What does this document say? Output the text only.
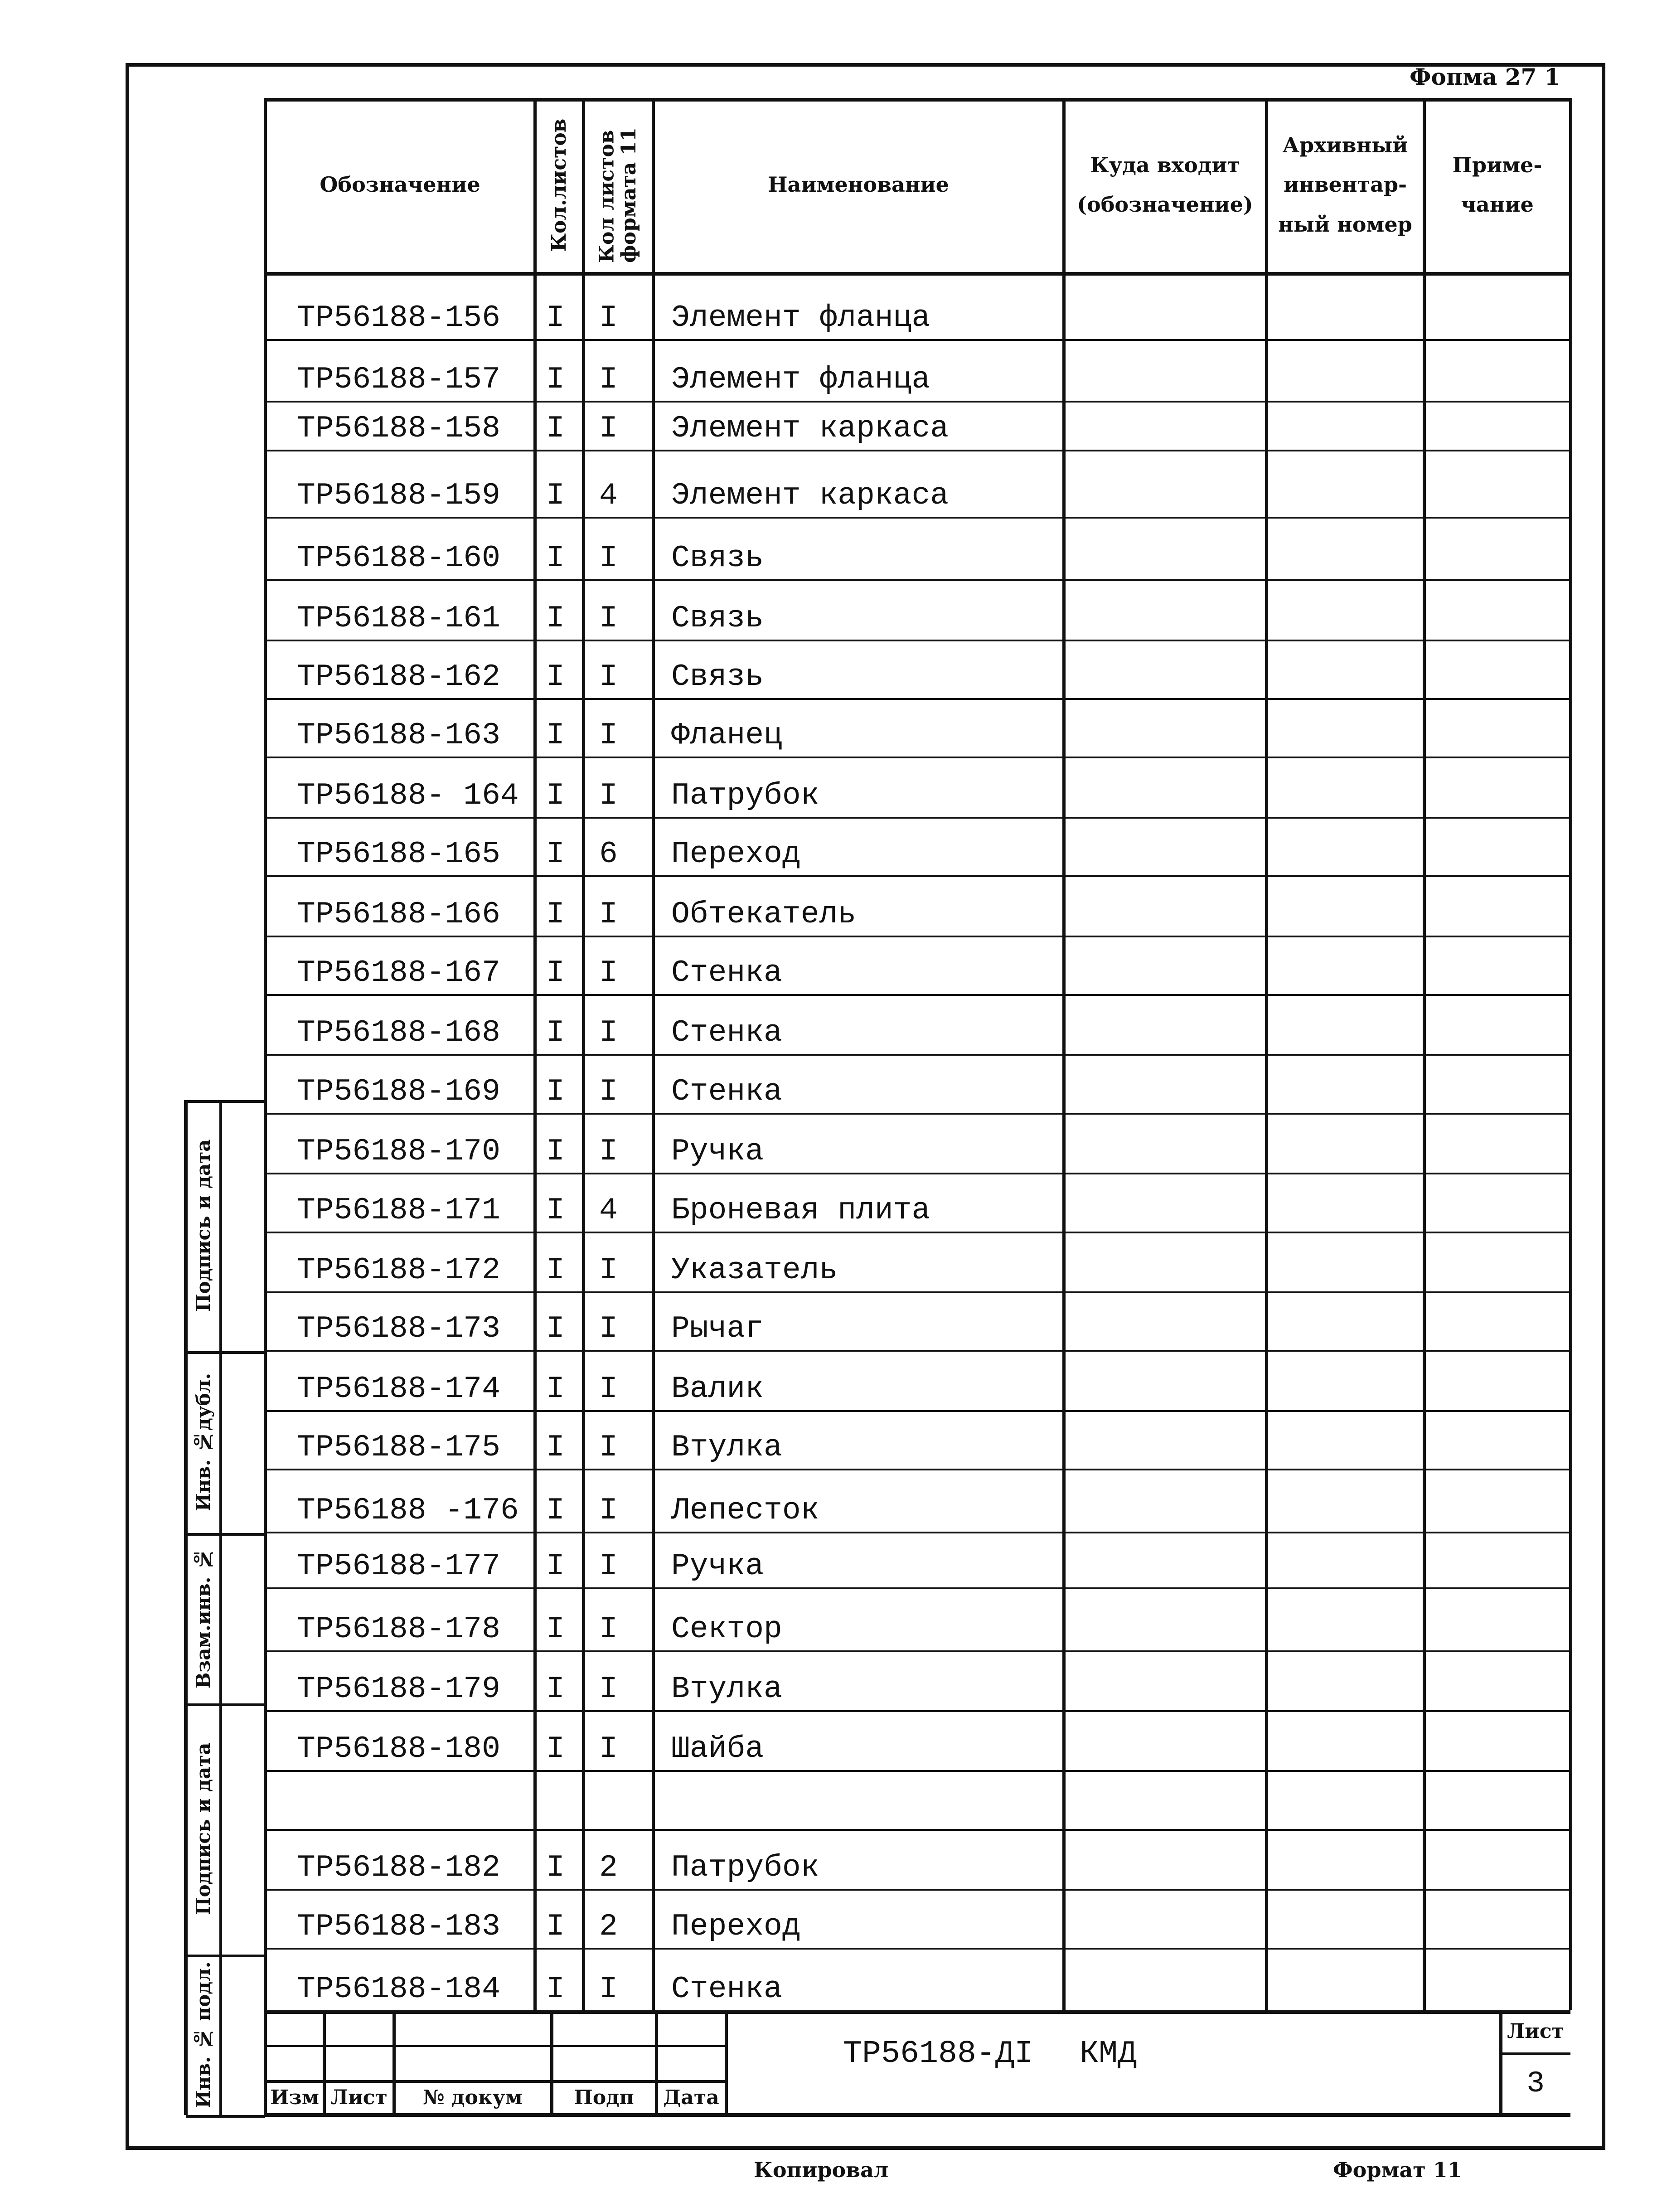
Фопма 27 1
Обозначение	Кол.листов	Кол листов формата 11	Наименование
Куда входит (обозначение)
Архивный инвентар-ный номер
Приме-чание
ТР56188-156 I I Элемент фланца
ТР56188-157 I I Элемент фланца
ТР56188-158 I I Элемент каркаса
ТР56188-159 I 4 Элемент каркаса
ТР56188-160 I I Связь
ТР56188-161 I I Связь
ТР56188-162 I I Связь
ТР56188-163 I I Фланец
ТР56188- 164 I I Патрубок
ТР56188-165 I 6 Переход
ТР56188-166 I I Обтекатель
ТР56188-167 I I Стенка
ТР56188-168 I I Стенка
ТР56188-169 I I Стенка
ТР56188-170 I I Ручка
ТР56188-171 I 4 Броневая плита
ТР56188-172 I I Указатель
ТР56188-173 I I Рычаг
ТР56188-174 I I Валик
ТР56188-175 I I Втулка
ТР56188 -176 I I Лепесток
ТР56188-177 I I Ручка
ТР56188-178 I I Сектор
ТР56188-179 I I Втулка
ТР56188-180 I I Шайба
ТР56188-182 I 2 Патрубок
ТР56188-183 I 2 Переход
ТР56188-184 I I Стенка
Подпись и дата
Инв. №дубл.
Взам.инв. №
Подпись и дата
Инв. № подл.	Изм Лист	№ докум	Подп	Дата
ТР56188-ДI КМД
Лист
3
Копировал	Формат 11
